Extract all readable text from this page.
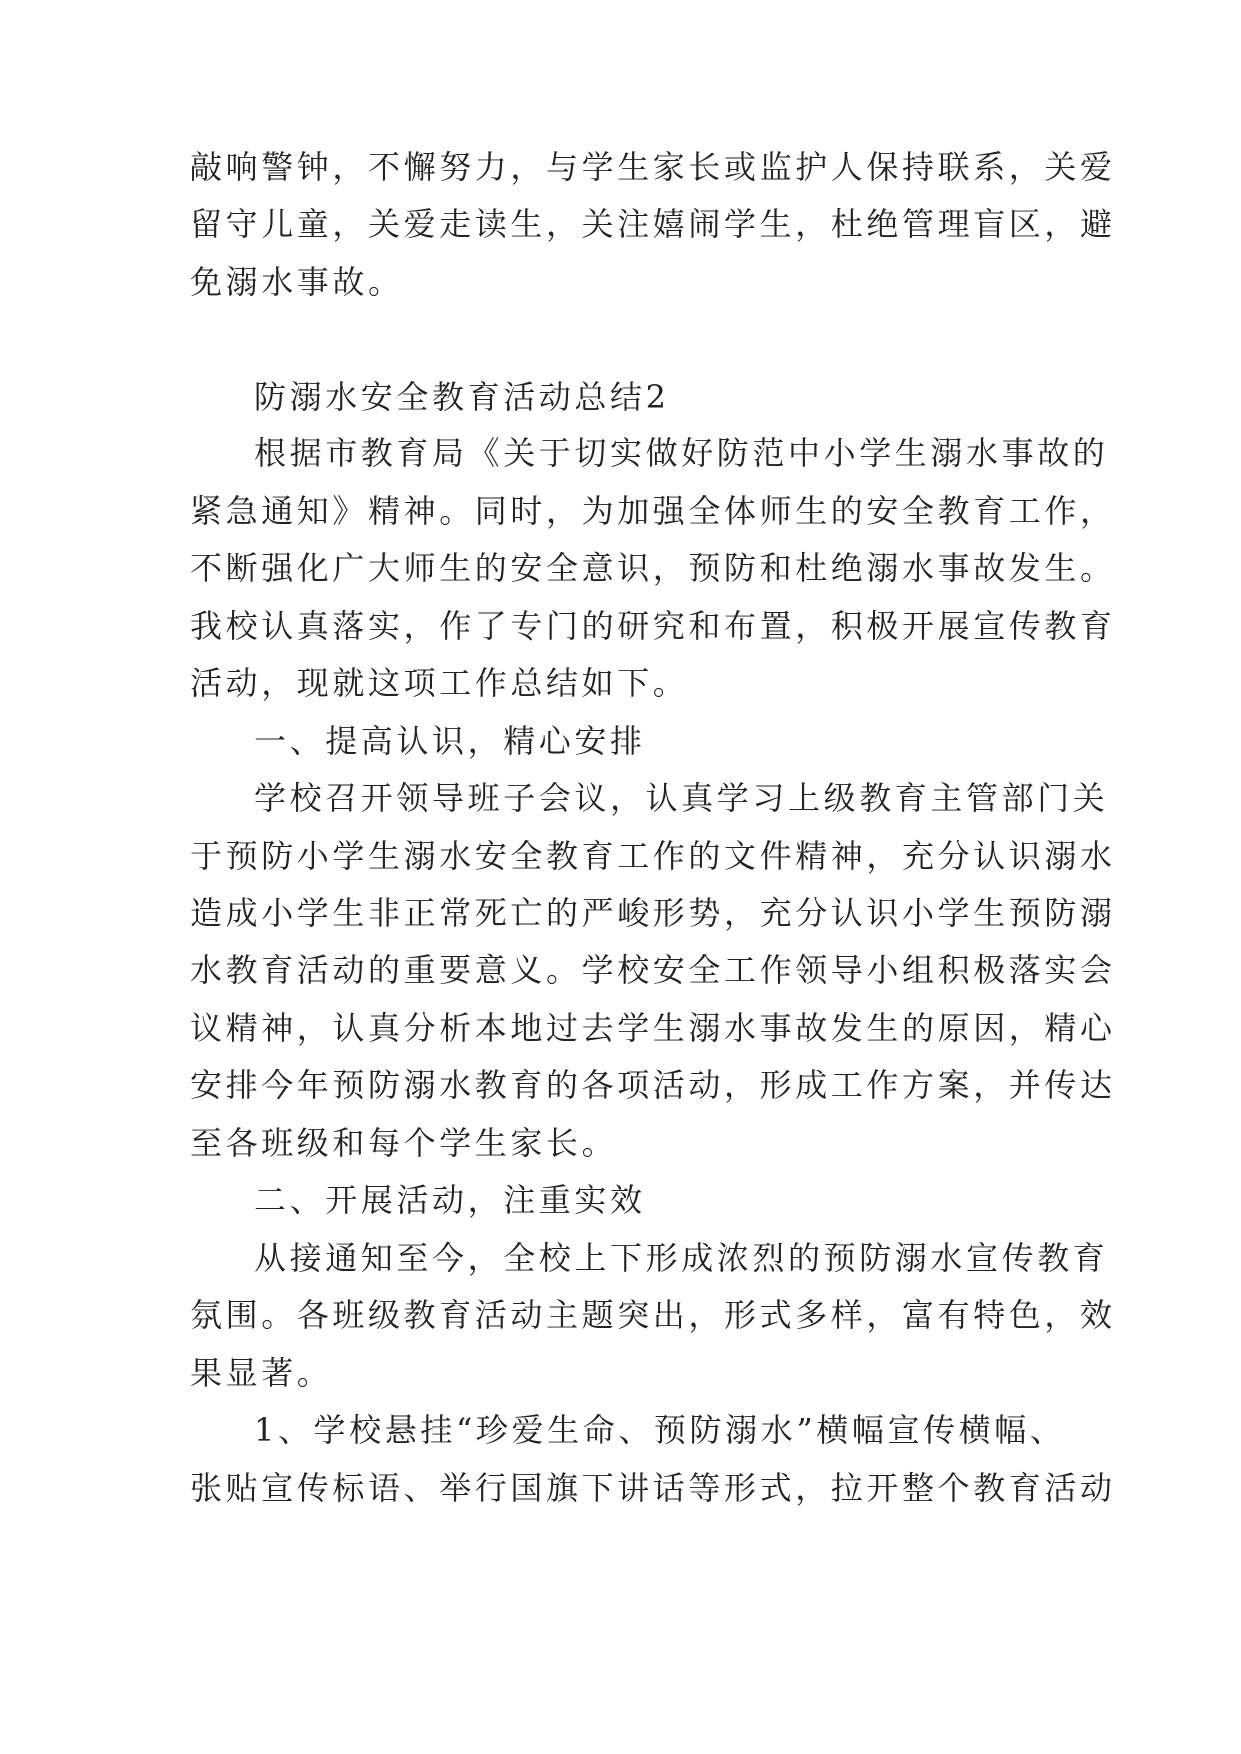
敲响警钟，不懈努力，与学生家长或监护人保持联系，关爱
留守儿童，关爱走读生，关注嬉闹学生，杜绝管理盲区，避
免溺水事故。
防溺水安全教育活动总结2
根据市教育局《关于切实做好防范中小学生溺水事故的
紧急通知》精神。同时，为加强全体师生的安全教育工作，
不断强化广大师生的安全意识，预防和杜绝溺水事故发生。
我校认真落实，作了专门的研究和布置，积极开展宣传教育
活动，现就这项工作总结如下。
一、提高认识，精心安排
学校召开领导班子会议，认真学习上级教育主管部门关
于预防小学生溺水安全教育工作的文件精神，充分认识溺水
造成小学生非正常死亡的严峻形势，充分认识小学生预防溺
水教育活动的重要意义。学校安全工作领导小组积极落实会
议精神，认真分析本地过去学生溺水事故发生的原因，精心
安排今年预防溺水教育的各项活动，形成工作方案，并传达
至各班级和每个学生家长。
二、开展活动，注重实效
从接通知至今，全校上下形成浓烈的预防溺水宣传教育
氛围。各班级教育活动主题突出，形式多样，富有特色，效
果显著。
1、学校悬挂“珍爱生命、预防溺水”横幅宣传横幅、
张贴宣传标语、举行国旗下讲话等形式，拉开整个教育活动
